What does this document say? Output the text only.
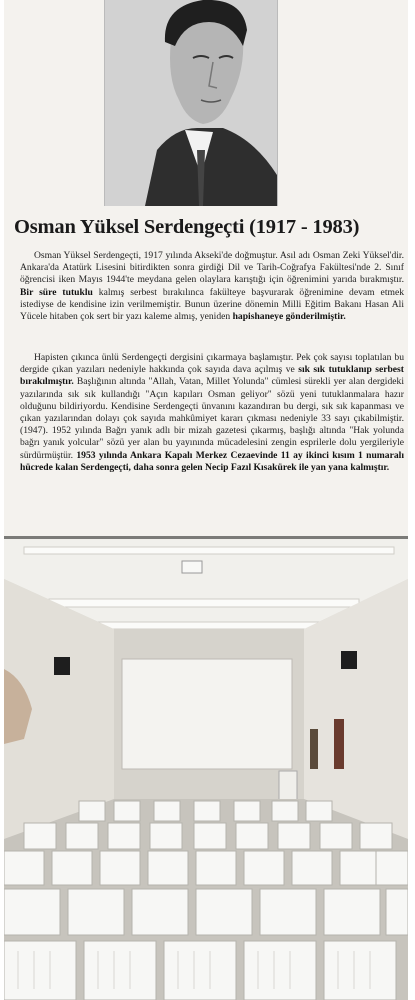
Osman Yüksel Serdengeçti (1917 - 1983)

Osman Yüksel Serdengeçti, 1917 yılında Akseki'de doğmuştur. Asıl adı Osman Zeki Yüksel'dir. Ankara'da Atatürk Lisesini bitirdikten sonra girdiği Dil ve Tarih-Coğrafya Fakültesi'nde 2. Sınıf öğrencisi iken Mayıs 1944'te meydana gelen olaylara karıştığı için öğrenimini yarıda bırakmıştır. Bir süre tutuklu kalmış serbest bırakılınca fakülteye başvurarak öğrenimine devam etmek istediyse de kendisine izin verilmemiştir. Bunun üzerine dönemin Milli Eğitim Bakanı Hasan Ali Yücele hitaben çok sert bir yazı kaleme almış, yeniden hapishaneye gönderilmiştir.

Hapisten çıkınca ünlü Serdengeçti dergisini çıkarmaya başlamıştır. Pek çok sayısı toplatılan bu dergide çıkan yazıları nedeniyle hakkında çok sayıda dava açılmış ve sık sık tutuklanıp serbest bırakılmıştır. Başlığının altında "Allah, Vatan, Millet Yolunda" cümlesi sürekli yer alan dergideki yazılarında sık sık kullandığı "Açın kapıları Osman geliyor" sözü yeni tutuklanmalara hazır olduğunu bildiriyordu. Kendisine Serdengeçti ünvanını kazandıran bu dergi, sık sık kapanması ve çıkan yazılarından dolayı çok sayıda mahkûmiyet kararı çıkması nedeniyle 33 sayı çıkabilmiştir. (1947). 1952 yılında Bağrı yanık adlı bir mizah gazetesi çıkarmış, başlığı altında "Hak yolunda bağrı yanık yolcular" sözü yer alan bu yayınında mücadelesini zengin esprilerle dolu yergileriyle sürdürmüştür. 1953 yılında Ankara Kapalı Merkez Cezaevinde 11 ay ikinci kısım 1 numaralı hücrede kalan Serdengeçti, daha sonra gelen Necip Fazıl Kısakürek ile yan yana kalmıştır.
